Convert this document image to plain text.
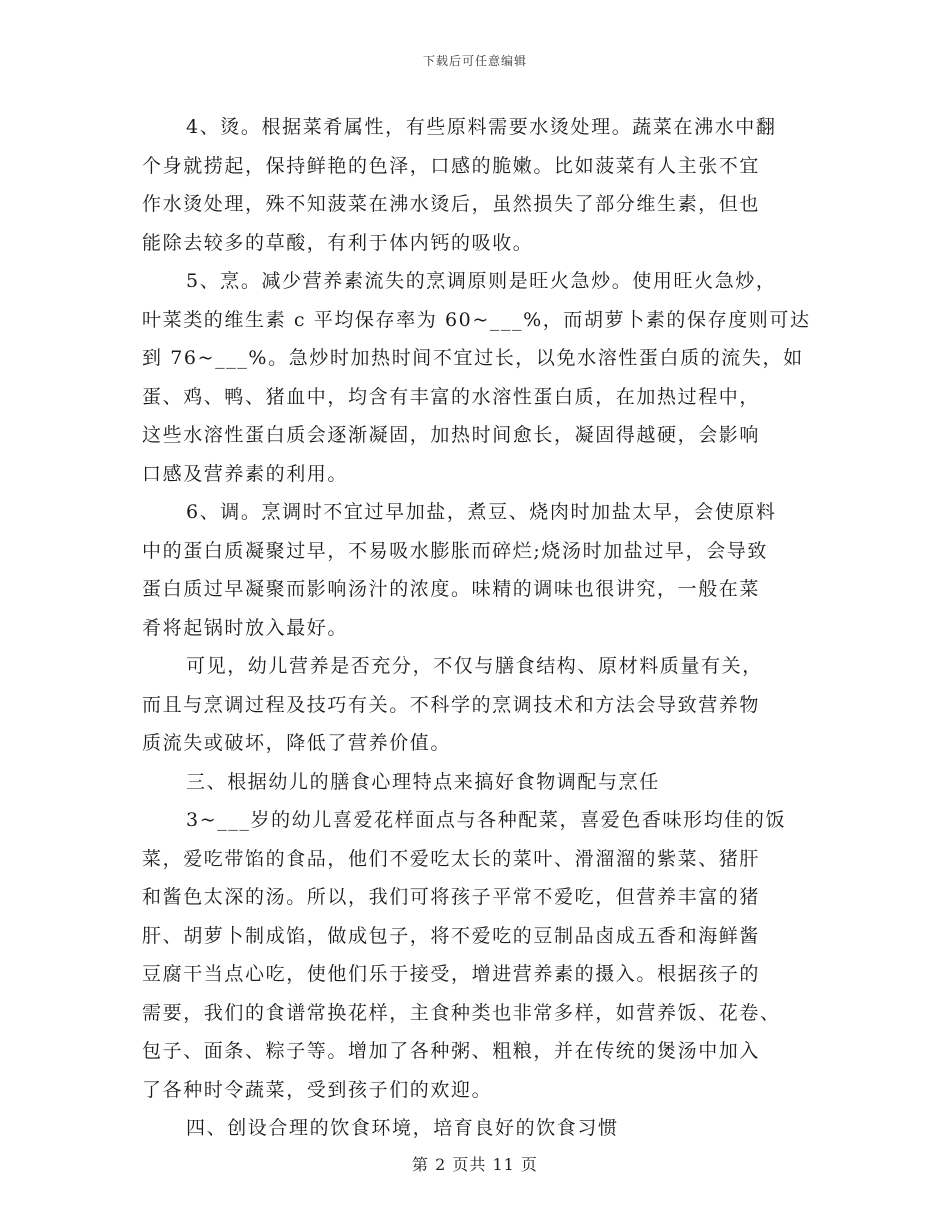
下载后可任意编辑
4、烫。根据菜肴属性，有些原料需要水烫处理。蔬菜在沸水中翻
个身就捞起，保持鲜艳的色泽，口感的脆嫩。比如菠菜有人主张不宜
作水烫处理，殊不知菠菜在沸水烫后，虽然损失了部分维生素，但也
能除去较多的草酸，有利于体内钙的吸收。
5、烹。减少营养素流失的烹调原则是旺火急炒。使用旺火急炒，
叶菜类的维生素 c 平均保存率为 60~___%，而胡萝卜素的保存度则可达
到 76~___%。急炒时加热时间不宜过长，以免水溶性蛋白质的流失，如
蛋、鸡、鸭、猪血中，均含有丰富的水溶性蛋白质，在加热过程中，
这些水溶性蛋白质会逐渐凝固，加热时间愈长，凝固得越硬，会影响
口感及营养素的利用。
6、调。烹调时不宜过早加盐，煮豆、烧肉时加盐太早，会使原料
中的蛋白质凝聚过早，不易吸水膨胀而碎烂;烧汤时加盐过早，会导致
蛋白质过早凝聚而影响汤汁的浓度。味精的调味也很讲究，一般在菜
肴将起锅时放入最好。
可见，幼儿营养是否充分，不仅与膳食结构、原材料质量有关，
而且与烹调过程及技巧有关。不科学的烹调技术和方法会导致营养物
质流失或破坏，降低了营养价值。
三、根据幼儿的膳食心理特点来搞好食物调配与烹任
3~___岁的幼儿喜爱花样面点与各种配菜，喜爱色香味形均佳的饭
菜，爱吃带馅的食品，他们不爱吃太长的菜叶、滑溜溜的紫菜、猪肝
和酱色太深的汤。所以，我们可将孩子平常不爱吃，但营养丰富的猪
肝、胡萝卜制成馅，做成包子，将不爱吃的豆制品卤成五香和海鲜酱
豆腐干当点心吃，使他们乐于接受，增进营养素的摄入。根据孩子的
需要，我们的食谱常换花样，主食种类也非常多样，如营养饭、花卷、
包子、面条、粽子等。增加了各种粥、粗粮，并在传统的煲汤中加入
了各种时令蔬菜，受到孩子们的欢迎。
四、创设合理的饮食环境，培育良好的饮食习惯
第 2 页共 11 页
